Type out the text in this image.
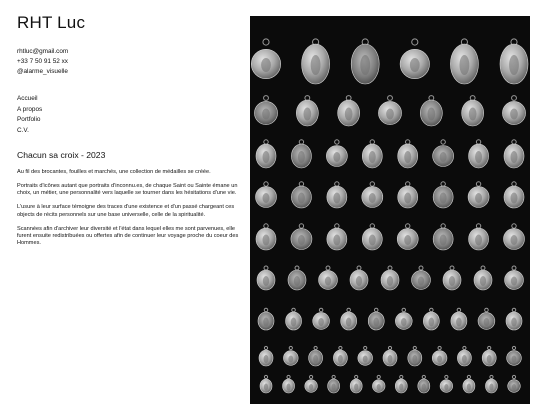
RHT Luc
rhtluc@gmail.com
+33 7 50 91 52 xx
@alarme_visuelle
Accueil
A propos
Portfolio
C.V.
Chacun sa croix - 2023

Au fil des brocantes, fouilles et marchés, une collection de médailles se créée.

Portraits d'icônes autant que portraits d'inconnu.es, de chaque Saint ou Sainte émane un choix, un métier, une personnalité vers laquelle se tourner dans les hésitations d'une vie.

L'usure à leur surface témoigne des traces d'une existence et d'un passé chargeant ces objects de récits personnels sur une base universelle, celle de la spiritualité.

Scannées afin d'archiver leur diversité et l'état dans lequel elles me sont parvenues, elle furent ensuite redistribuées ou offertes afin de continuer leur voyage proche du coeur des Hommes.
